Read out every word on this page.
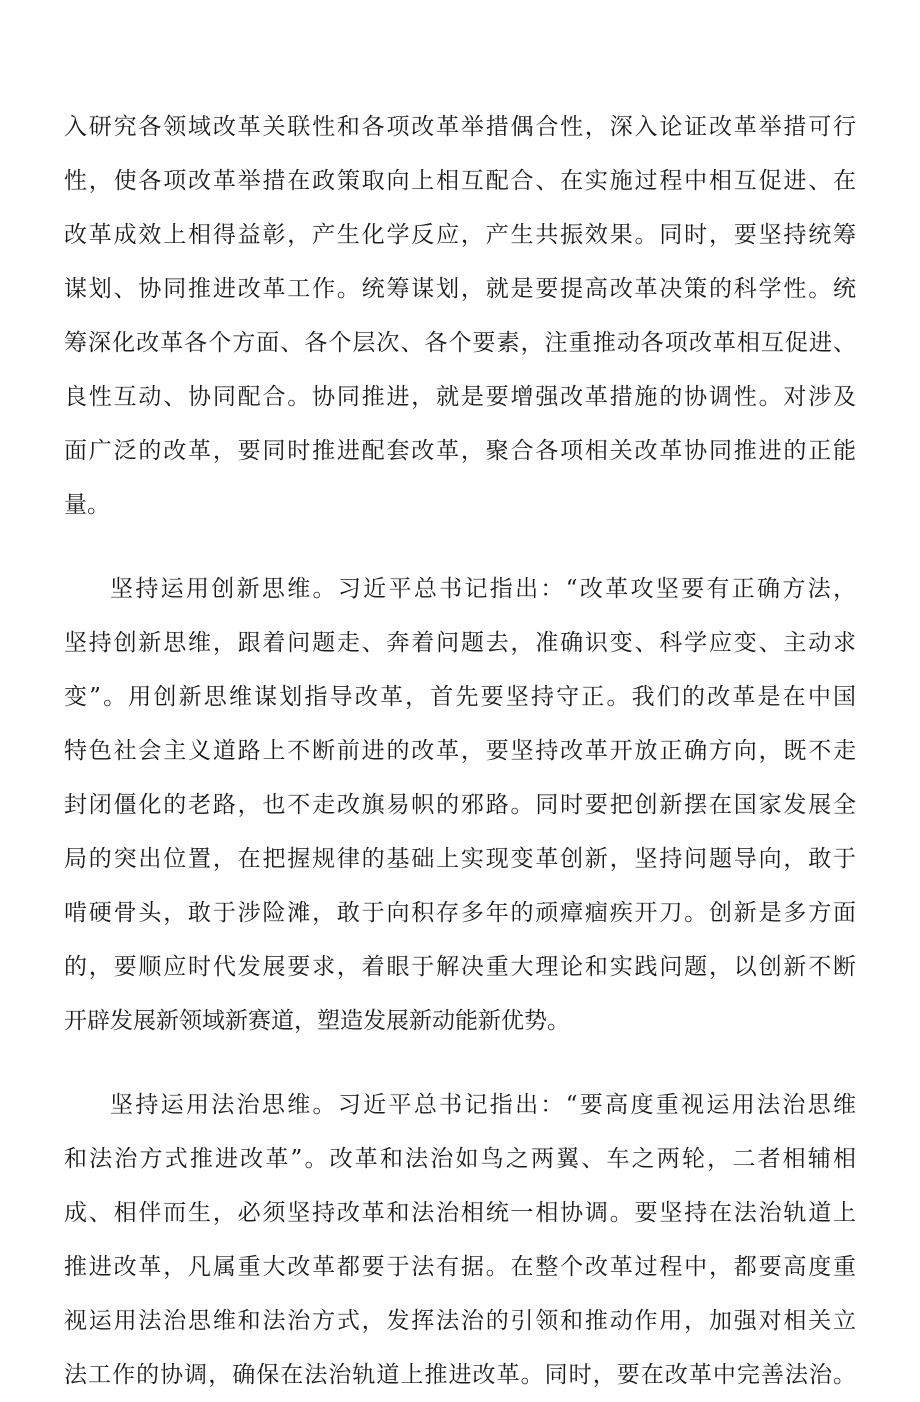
入研究各领域改革关联性和各项改革举措偶合性，深入论证改革举措可行
性，使各项改革举措在政策取向上相互配合、在实施过程中相互促进、在
改革成效上相得益彰，产生化学反应，产生共振效果。同时，要坚持统筹
谋划、协同推进改革工作。统筹谋划，就是要提高改革决策的科学性。统
筹深化改革各个方面、各个层次、各个要素，注重推动各项改革相互促进、
良性互动、协同配合。协同推进，就是要增强改革措施的协调性。对涉及
面广泛的改革，要同时推进配套改革，聚合各项相关改革协同推进的正能
量。
坚持运用创新思维。习近平总书记指出：“改革攻坚要有正确方法，
坚持创新思维，跟着问题走、奔着问题去，准确识变、科学应变、主动求
变”。用创新思维谋划指导改革，首先要坚持守正。我们的改革是在中国
特色社会主义道路上不断前进的改革，要坚持改革开放正确方向，既不走
封闭僵化的老路，也不走改旗易帜的邪路。同时要把创新摆在国家发展全
局的突出位置，在把握规律的基础上实现变革创新，坚持问题导向，敢于
啃硬骨头，敢于涉险滩，敢于向积存多年的顽瘴痼疾开刀。创新是多方面
的，要顺应时代发展要求，着眼于解决重大理论和实践问题，以创新不断
开辟发展新领域新赛道，塑造发展新动能新优势。
坚持运用法治思维。习近平总书记指出：“要高度重视运用法治思维
和法治方式推进改革”。改革和法治如鸟之两翼、车之两轮，二者相辅相
成、相伴而生，必须坚持改革和法治相统一相协调。要坚持在法治轨道上
推进改革，凡属重大改革都要于法有据。在整个改革过程中，都要高度重
视运用法治思维和法治方式，发挥法治的引领和推动作用，加强对相关立
法工作的协调，确保在法治轨道上推进改革。同时，要在改革中完善法治。
